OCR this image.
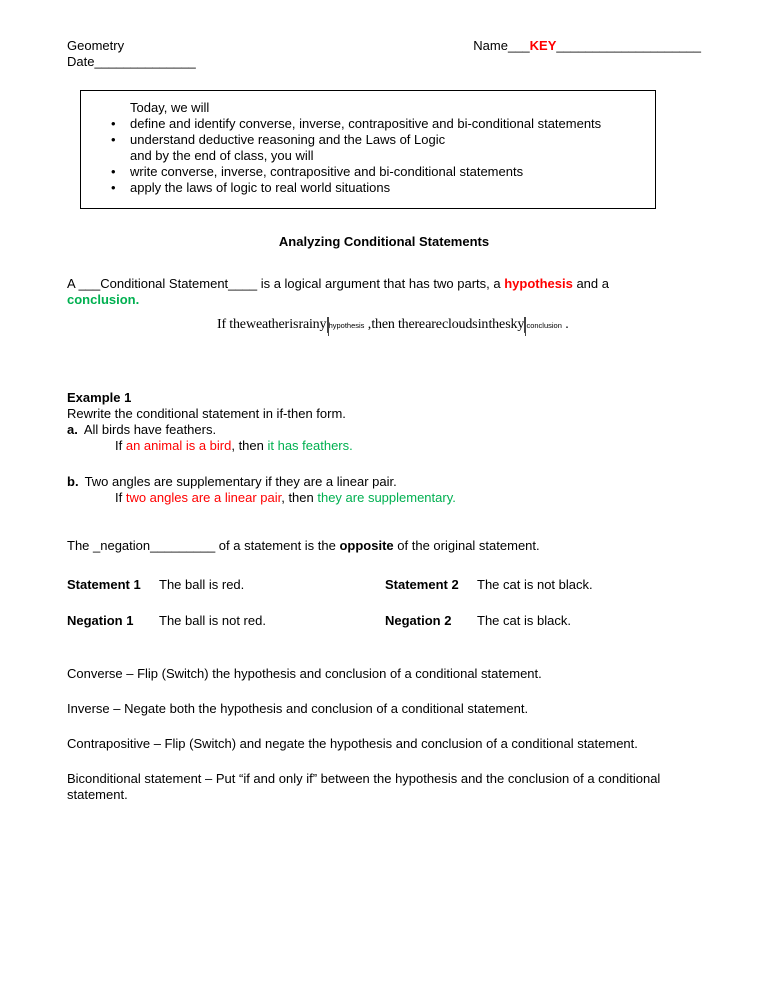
Geometry
Date______________
Name___KEY____________________
Today, we will
•	define and identify converse, inverse, contrapositive and bi-conditional statements
•	understand deductive reasoning and the Laws of Logic
and by the end of class, you will
•	write converse, inverse, contrapositive and bi-conditional statements
•	apply the laws of logic to real world situations
Analyzing Conditional Statements
A ___Conditional Statement____ is a logical argument that has two parts, a hypothesis and a
conclusion.
If the weather is rainy hypothesis , then there are clouds in the sky conclusion .
Example 1
Rewrite the conditional statement in if-then form.
a. All birds have feathers.
If an animal is a bird, then it has feathers.
b. Two angles are supplementary if they are a linear pair.
If two angles are a linear pair, then they are supplementary.
The _negation_________ of a statement is the opposite of the original statement.
Statement 1 The ball is red.	Statement 2 The cat is not black.
Negation 1 The ball is not red.	Negation 2 The cat is black.

Converse – Flip (Switch) the hypothesis and conclusion of a conditional statement.

Inverse – Negate both the hypothesis and conclusion of a conditional statement.

Contrapositive – Flip (Switch) and negate the hypothesis and conclusion of a conditional statement.

Biconditional statement – Put “if and only if” between the hypothesis and the conclusion of a conditional statement.
